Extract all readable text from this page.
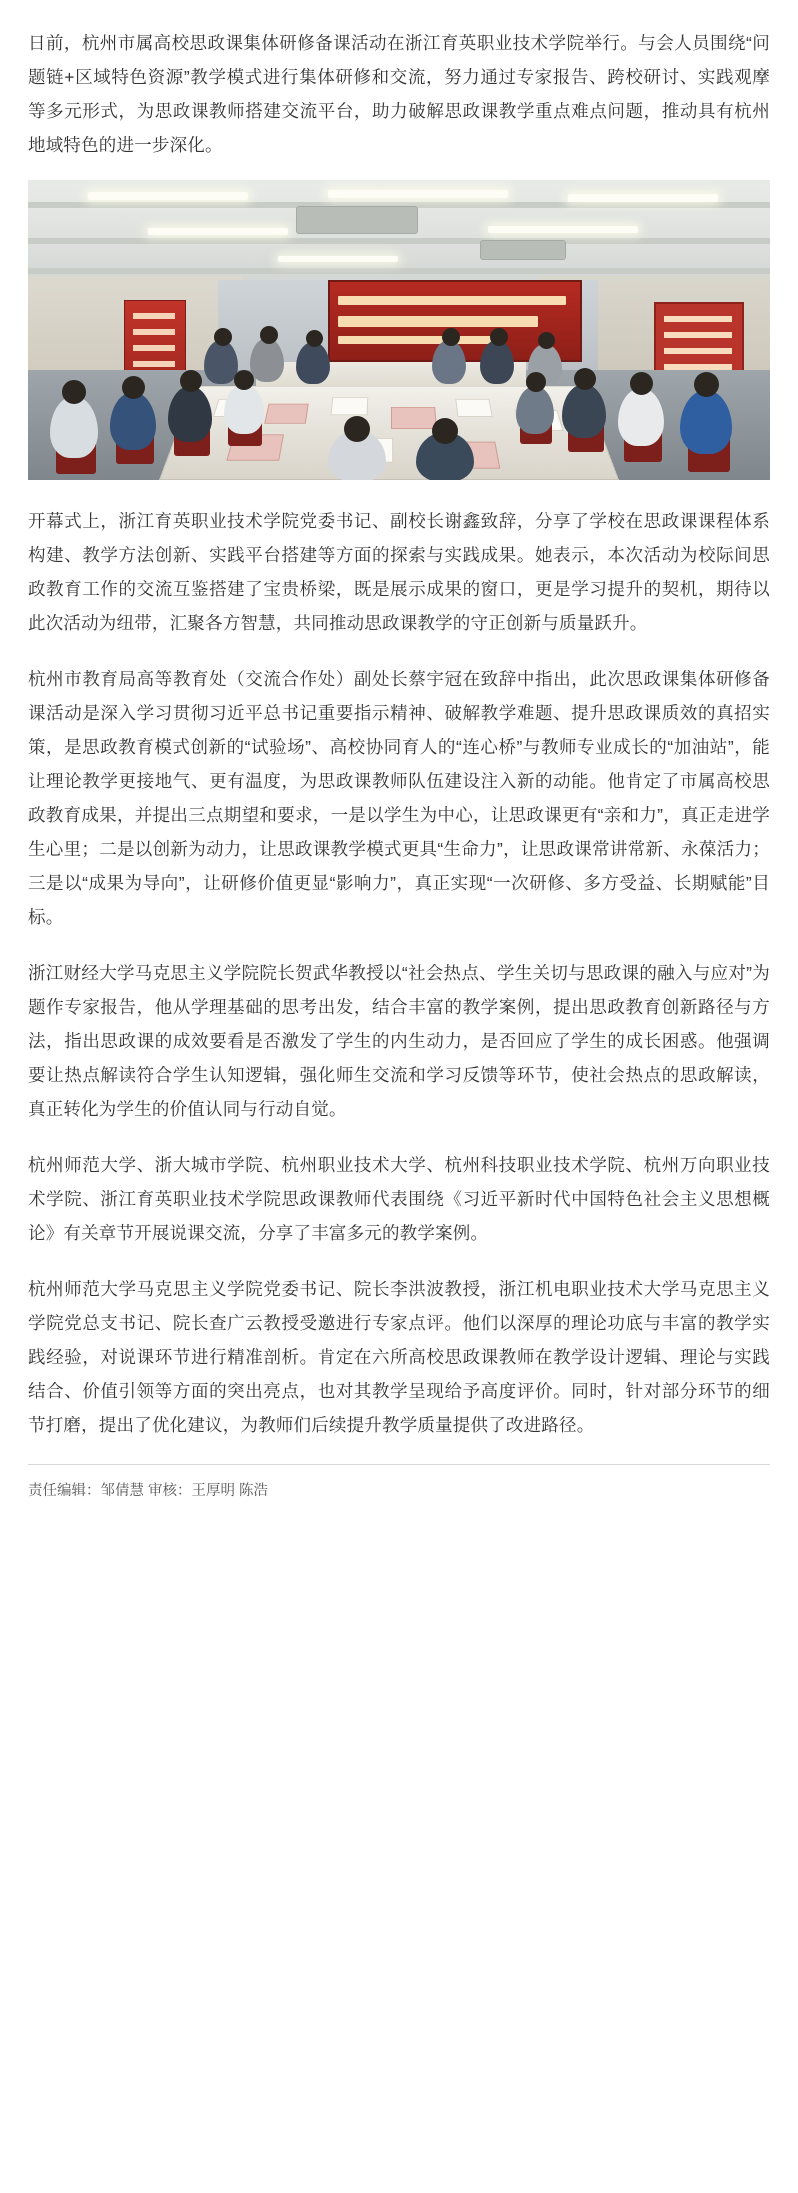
日前，杭州市属高校思政课集体研修备课活动在浙江育英职业技术学院举行。与会人员围绕“问题链+区域特色资源”教学模式进行集体研修和交流，努力通过专家报告、跨校研讨、实践观摩等多元形式，为思政课教师搭建交流平台，助力破解思政课教学重点难点问题，推动具有杭州地域特色的进一步深化。

开幕式上，浙江育英职业技术学院党委书记、副校长谢鑫致辞，分享了学校在思政课课程体系构建、教学方法创新、实践平台搭建等方面的探索与实践成果。她表示，本次活动为校际间思政教育工作的交流互鉴搭建了宝贵桥梁，既是展示成果的窗口，更是学习提升的契机，期待以此次活动为纽带，汇聚各方智慧，共同推动思政课教学的守正创新与质量跃升。

杭州市教育局高等教育处（交流合作处）副处长蔡宇冠在致辞中指出，此次思政课集体研修备课活动是深入学习贯彻习近平总书记重要指示精神、破解教学难题、提升思政课质效的真招实策，是思政教育模式创新的“试验场”、高校协同育人的“连心桥”与教师专业成长的“加油站”，能让理论教学更接地气、更有温度，为思政课教师队伍建设注入新的动能。他肯定了市属高校思政教育成果，并提出三点期望和要求，一是以学生为中心，让思政课更有“亲和力”，真正走进学生心里；二是以创新为动力，让思政课教学模式更具“生命力”，让思政课常讲常新、永葆活力；三是以“成果为导向”，让研修价值更显“影响力”，真正实现“一次研修、多方受益、长期赋能”目标。

浙江财经大学马克思主义学院院长贺武华教授以“社会热点、学生关切与思政课的融入与应对”为题作专家报告，他从学理基础的思考出发，结合丰富的教学案例，提出思政教育创新路径与方法，指出思政课的成效要看是否激发了学生的内生动力，是否回应了学生的成长困惑。他强调要让热点解读符合学生认知逻辑，强化师生交流和学习反馈等环节，使社会热点的思政解读，真正转化为学生的价值认同与行动自觉。

杭州师范大学、浙大城市学院、杭州职业技术大学、杭州科技职业技术学院、杭州万向职业技术学院、浙江育英职业技术学院思政课教师代表围绕《习近平新时代中国特色社会主义思想概论》有关章节开展说课交流，分享了丰富多元的教学案例。

杭州师范大学马克思主义学院党委书记、院长李洪波教授，浙江机电职业技术大学马克思主义学院党总支书记、院长查广云教授受邀进行专家点评。他们以深厚的理论功底与丰富的教学实践经验，对说课环节进行精准剖析。肯定在六所高校思政课教师在教学设计逻辑、理论与实践结合、价值引领等方面的突出亮点，也对其教学呈现给予高度评价。同时，针对部分环节的细节打磨，提出了优化建议，为教师们后续提升教学质量提供了改进路径。

责任编辑：邹倩慧 审核：王厚明 陈浩
